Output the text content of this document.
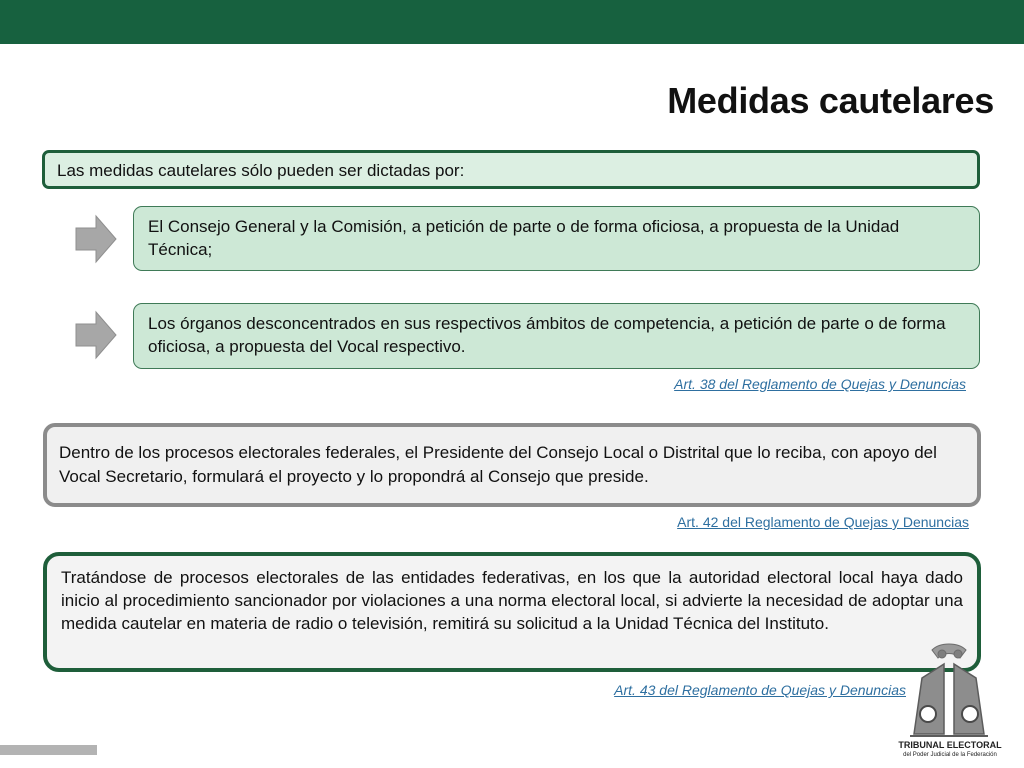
Medidas cautelares
Las medidas cautelares sólo pueden ser dictadas por:
El Consejo General y la Comisión, a petición de parte o de forma oficiosa, a propuesta de la Unidad Técnica;
Los órganos desconcentrados en sus respectivos ámbitos de competencia, a petición de parte o de forma oficiosa, a propuesta del Vocal respectivo.
Art. 38 del Reglamento de Quejas y Denuncias
Dentro de los procesos electorales federales, el Presidente del Consejo Local o Distrital que lo reciba, con apoyo del Vocal Secretario, formulará el proyecto y lo propondrá al Consejo que preside.
Art. 42 del Reglamento de Quejas y Denuncias
Tratándose de procesos electorales de las entidades federativas, en los que la autoridad electoral local haya dado inicio al procedimiento sancionador por violaciones a una norma electoral local, si advierte la necesidad de adoptar una medida cautelar en materia de radio o televisión, remitirá su solicitud a la Unidad Técnica del Instituto.
Art. 43 del Reglamento de Quejas y Denuncias
TRIBUNAL ELECTORAL
del Poder Judicial de la Federación
